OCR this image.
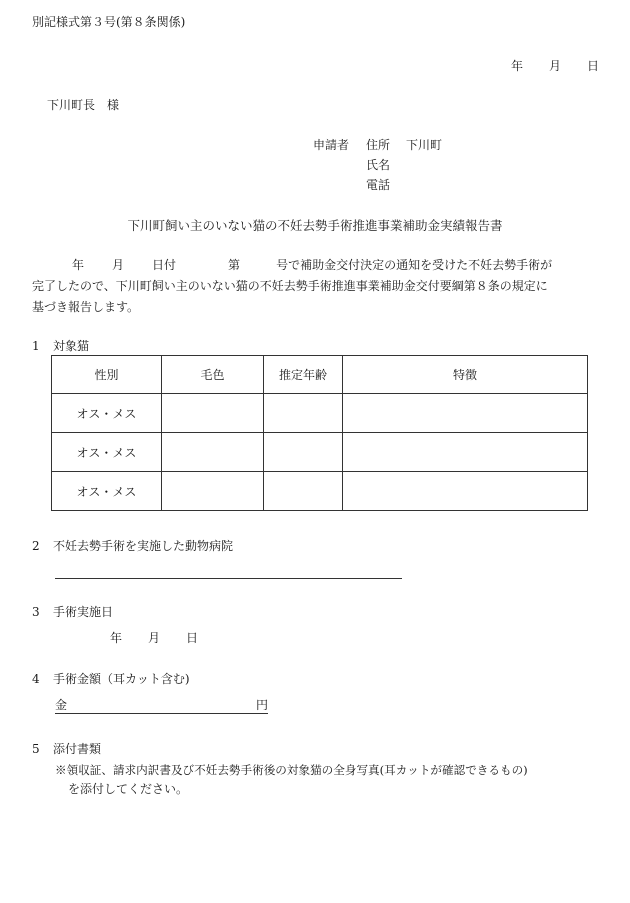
別記様式第３号(第８条関係)
年 月 日
下川町長　様
申請者 住所 下川町
氏名
電話
下川町飼い主のいない猫の不妊去勢手術推進事業補助金実績報告書
年 月 日付	第	号で補助金交付決定の通知を受けた不妊去勢手術が
完了したので、下川町飼い主のいない猫の不妊去勢手術推進事業補助金交付要綱第８条の規定に
基づき報告します。
1 対象猫
性別	毛色	推定年齢	特徴
オス・メス			
オス・メス			
オス・メス			
2 不妊去勢手術を実施した動物病院
3 手術実施日
年 月 日
4 手術金額（耳カット含む)
金	円
5 添付書類
※領収証、請求内訳書及び不妊去勢手術後の対象猫の全身写真(耳カットが確認できるもの)
を添付してください。
